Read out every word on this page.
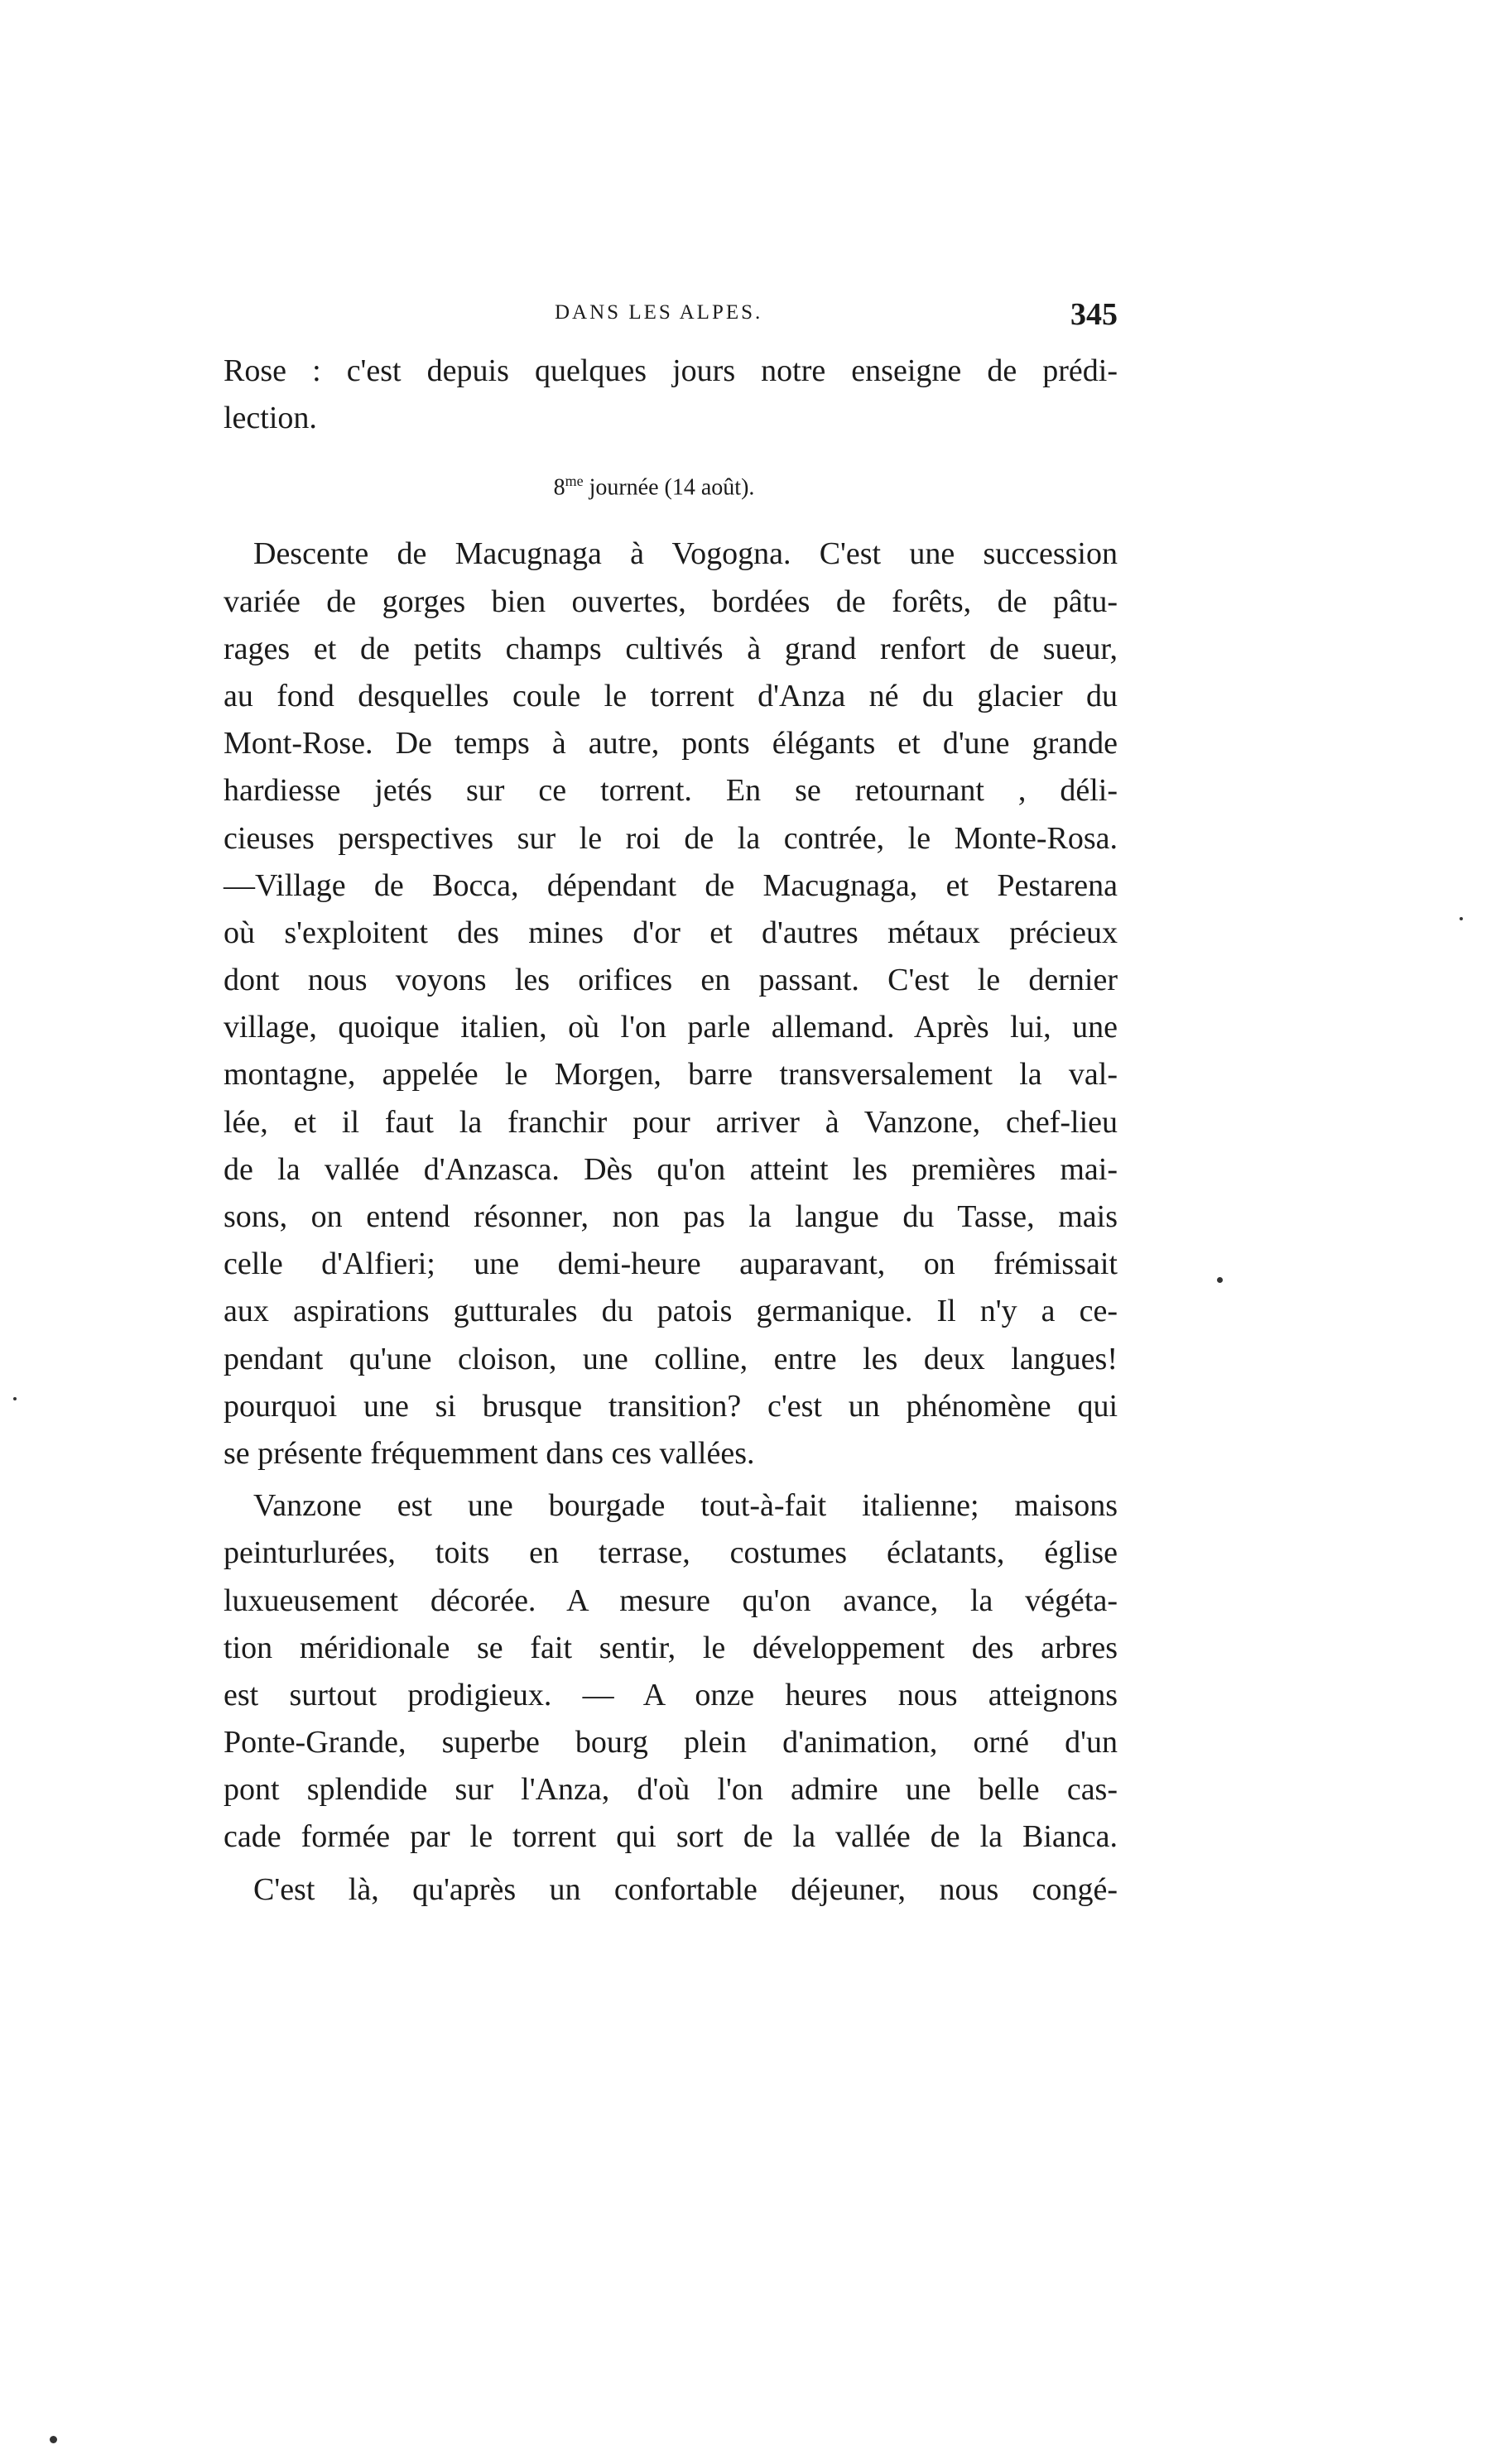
DANS LES ALPES.	345
Rose : c'est depuis quelques jours notre enseigne de prédi-
lection.
$8^{me}$ journée (14 août).
Descente de Macugnaga à Vogogna. C'est une succession
variée de gorges bien ouvertes, bordées de forêts, de pâtu-
rages et de petits champs cultivés à grand renfort de sueur,
au fond desquelles coule le torrent d'Anza né du glacier du
Mont-Rose. De temps à autre, ponts élégants et d'une grande
hardiesse jetés sur ce torrent. En se retournant , déli-
cieuses perspectives sur le roi de la contrée, le Monte-Rosa.
—Village de Bocca, dépendant de Macugnaga, et Pestarena
où s'exploitent des mines d'or et d'autres métaux précieux
dont nous voyons les orifices en passant. C'est le dernier
village, quoique italien, où l'on parle allemand. Après lui, une
montagne, appelée le Morgen, barre transversalement la val-
lée, et il faut la franchir pour arriver à Vanzone, chef-lieu
de la vallée d'Anzasca. Dès qu'on atteint les premières mai-
sons, on entend résonner, non pas la langue du Tasse, mais
celle d'Alfieri; une demi-heure auparavant, on frémissait
aux aspirations gutturales du patois germanique. Il n'y a ce-
pendant qu'une cloison, une colline, entre les deux langues!
pourquoi une si brusque transition? c'est un phénomène qui
se présente fréquemment dans ces vallées.
Vanzone est une bourgade tout-à-fait italienne; maisons
peinturlurées, toits en terrase, costumes éclatants, église
luxueusement décorée. A mesure qu'on avance, la végéta-
tion méridionale se fait sentir, le développement des arbres
est surtout prodigieux. — A onze heures nous atteignons
Ponte-Grande, superbe bourg plein d'animation, orné d'un
pont splendide sur l'Anza, d'où l'on admire une belle cas-
cade formée par le torrent qui sort de la vallée de la Bianca.
C'est là, qu'après un confortable déjeuner, nous congé-
